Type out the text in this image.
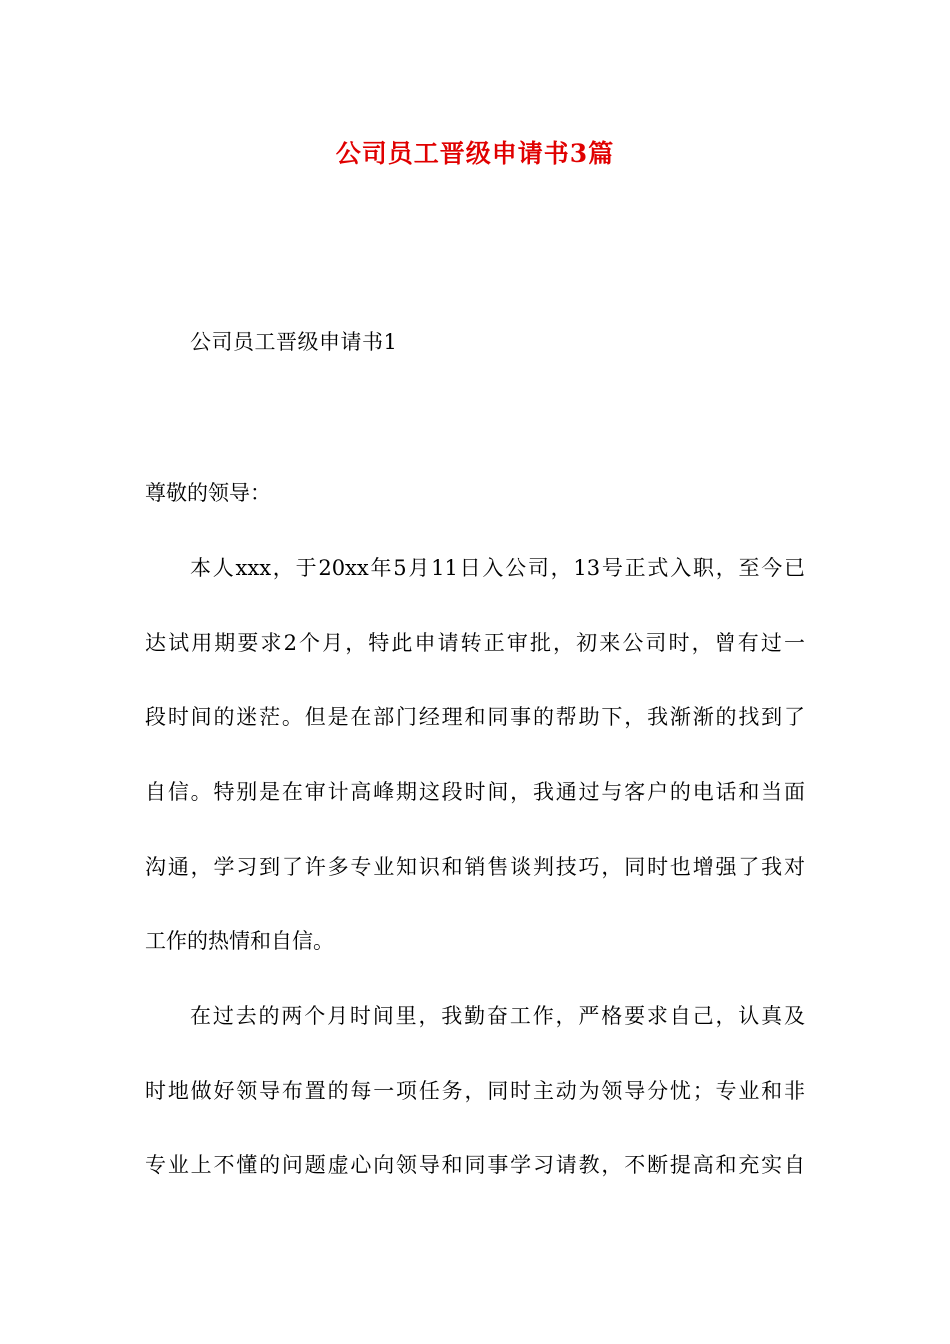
公司员工晋级申请书3篇
公司员工晋级申请书1
尊敬的领导：
本人xxx，于20xx年5月11日入公司，13号正式入职，至今已
达试用期要求2个月，特此申请转正审批，初来公司时，曾有过一
段时间的迷茫。但是在部门经理和同事的帮助下，我渐渐的找到了
自信。特别是在审计高峰期这段时间，我通过与客户的电话和当面
沟通，学习到了许多专业知识和销售谈判技巧，同时也增强了我对
工作的热情和自信。
在过去的两个月时间里，我勤奋工作，严格要求自己，认真及
时地做好领导布置的每一项任务，同时主动为领导分忧；专业和非
专业上不懂的问题虚心向领导和同事学习请教，不断提高和充实自
